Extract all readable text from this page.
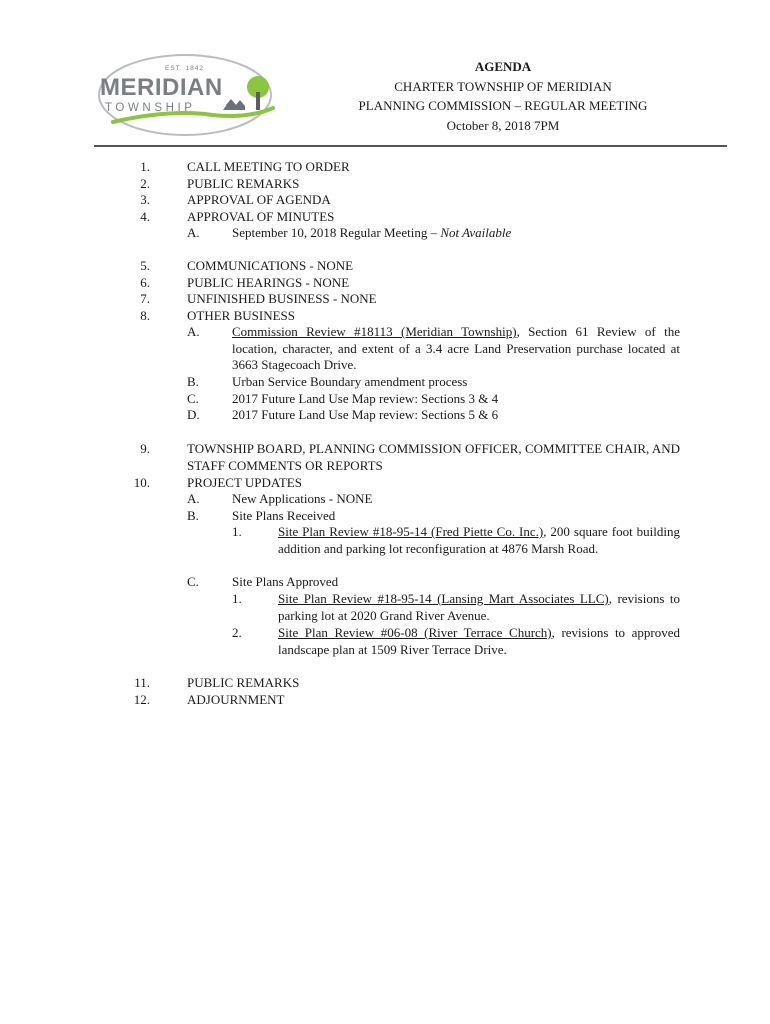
EST. 1842
MERIDIAN
TOWNSHIP
AGENDA
CHARTER TOWNSHIP OF MERIDIAN
PLANNING COMMISSION – REGULAR MEETING
October 8, 2018 7PM
1.	CALL MEETING TO ORDER
2.	PUBLIC REMARKS
3.	APPROVAL OF AGENDA
4.	APPROVAL OF MINUTES
A. September 10, 2018 Regular Meeting – Not Available
5.	COMMUNICATIONS - NONE
6.	PUBLIC HEARINGS - NONE
7.	UNFINISHED BUSINESS - NONE
8.	OTHER BUSINESS
A. Commission Review #18113 (Meridian Township), Section 61 Review of the location, character, and extent of a 3.4 acre Land Preservation purchase located at 3663 Stagecoach Drive.
B.	Urban Service Boundary amendment process
C.	2017 Future Land Use Map review: Sections 3 & 4
D. 2017 Future Land Use Map review: Sections 5 & 6
9.	TOWNSHIP BOARD, PLANNING COMMISSION OFFICER, COMMITTEE CHAIR, AND STAFF COMMENTS OR REPORTS
10.	PROJECT UPDATES
A. New Applications - NONE
B.	Site Plans Received
1.	Site Plan Review #18-95-14 (Fred Piette Co. Inc.), 200 square foot building addition and parking lot reconfiguration at 4876 Marsh Road.
C.	Site Plans Approved
1.	Site Plan Review #18-95-14 (Lansing Mart Associates LLC), revisions to parking lot at 2020 Grand River Avenue.
2.	Site Plan Review #06-08 (River Terrace Church), revisions to approved landscape plan at 1509 River Terrace Drive.
11.	PUBLIC REMARKS
12.	ADJOURNMENT
